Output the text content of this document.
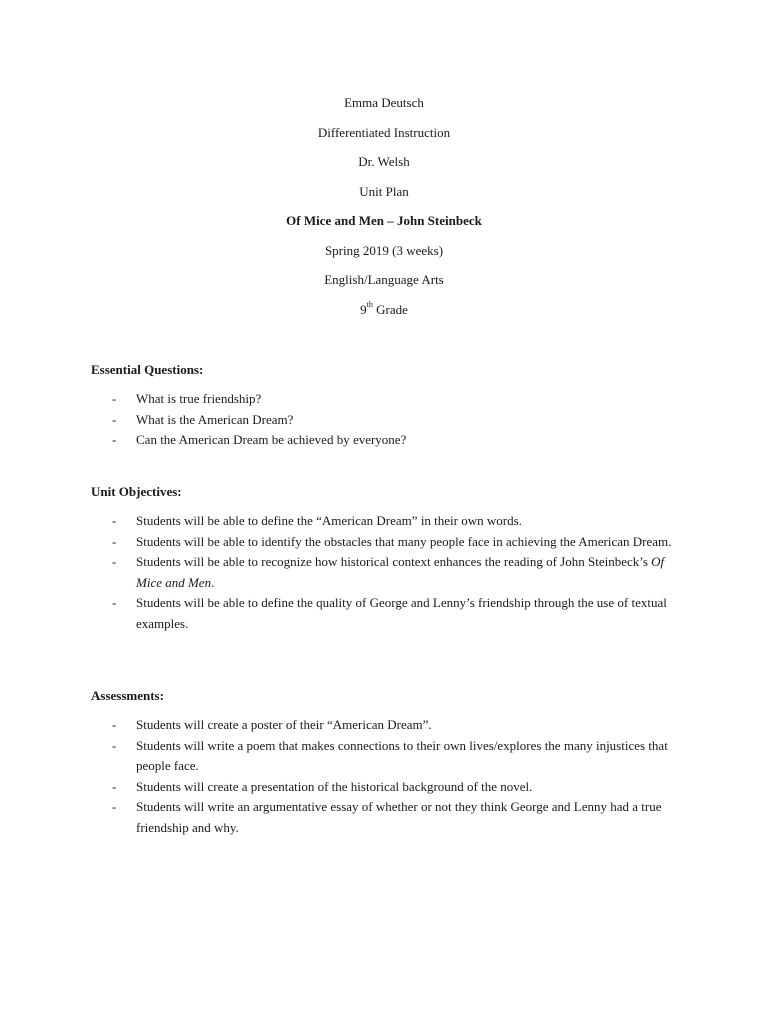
Emma Deutsch
Differentiated Instruction
Dr. Welsh
Unit Plan
Of Mice and Men – John Steinbeck
Spring 2019 (3 weeks)
English/Language Arts
9th Grade
Essential Questions:
- What is true friendship?
- What is the American Dream?
- Can the American Dream be achieved by everyone?
Unit Objectives:
- Students will be able to define the “American Dream” in their own words.
- Students will be able to identify the obstacles that many people face in achieving the American Dream.
- Students will be able to recognize how historical context enhances the reading of John Steinbeck’s Of Mice and Men.
- Students will be able to define the quality of George and Lenny’s friendship through the use of textual examples.
Assessments:
- Students will create a poster of their “American Dream”.
- Students will write a poem that makes connections to their own lives/explores the many injustices that people face.
- Students will create a presentation of the historical background of the novel.
- Students will write an argumentative essay of whether or not they think George and Lenny had a true friendship and why.
